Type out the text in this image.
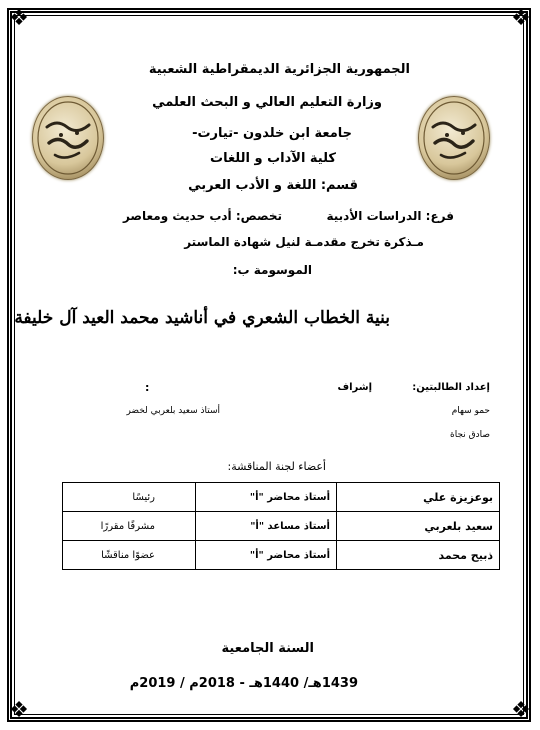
❖	❖
❖	❖
الجمهورية الجزائرية الديمقراطية الشعبية
وزارة التعليم العالي و البحث العلمي
جامعة ابن خلدون -تيارت-
كلية الآداب و اللغات
قسم: اللغة و الأدب العربي
فرع: الدراسات الأدبية
تخصص: أدب حديث ومعاصر
مـذكرة تخرج مقدمـة لنيل شهادة الماستر
الموسومة ب:
بنية الخطاب الشعري في أناشيد محمد العيد آل خليفة
إعداد الطالبتين:
إشراف
:
حمو سهام
صادق نجاة
أستاذ سعيد بلعربي لخضر
أعضاء لجنة المناقشة:
بوعزيزة علي	أستاذ محاضر "أ"	رئيسًا
سعيد بلعربي	أستاذ مساعد "أ"	مشرفًا مقررًا
ذبيح محمد	أستاذ محاضر "أ"	عضوًا مناقشًا
السنة الجامعية
1439هـ/ 1440هـ - 2018م / 2019م
